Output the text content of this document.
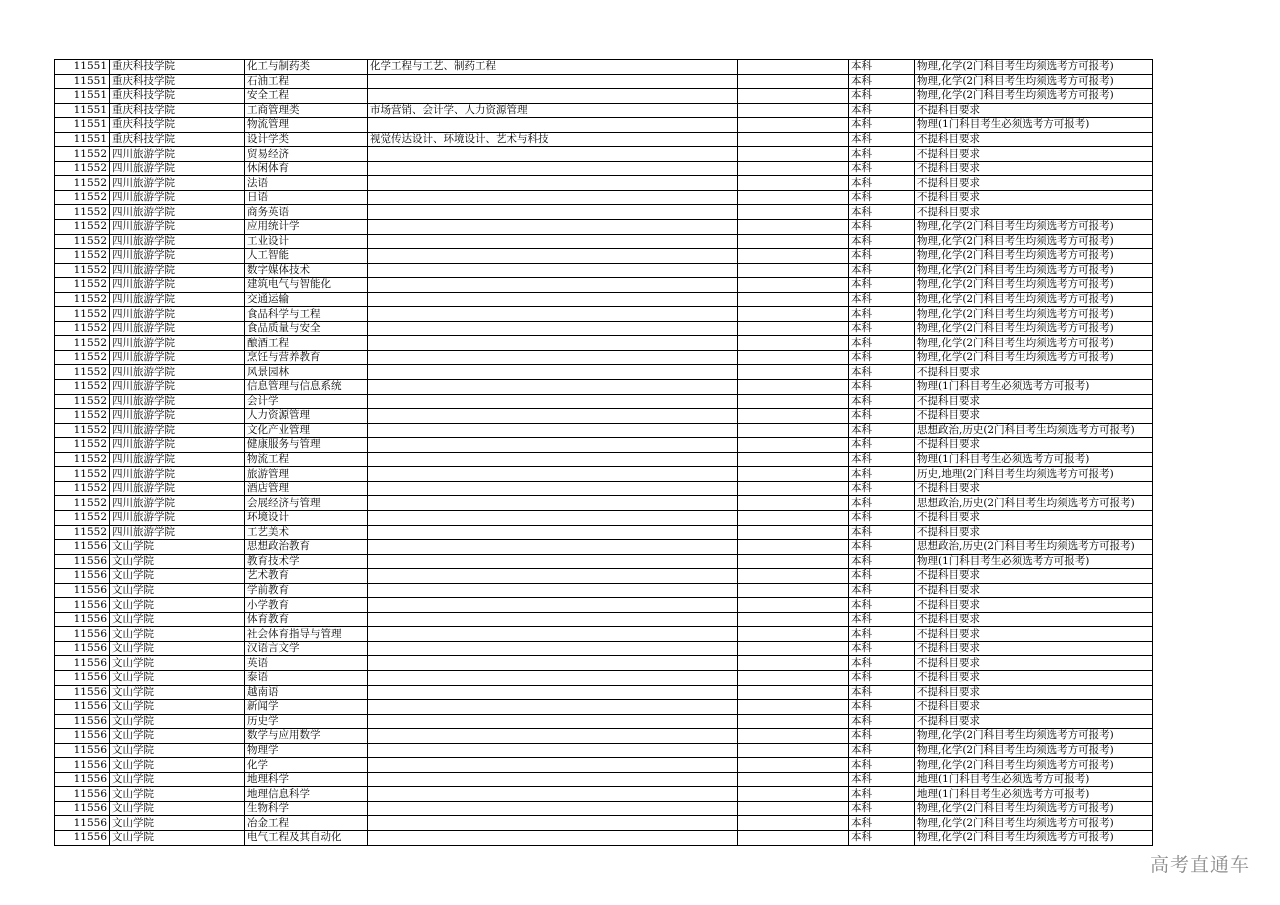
11551	重庆科技学院	化工与制药类	化学工程与工艺、制药工程		本科	物理,化学(2门科目考生均须选考方可报考)
11551	重庆科技学院	石油工程			本科	物理,化学(2门科目考生均须选考方可报考)
11551	重庆科技学院	安全工程			本科	物理,化学(2门科目考生均须选考方可报考)
11551	重庆科技学院	工商管理类	市场营销、会计学、人力资源管理		本科	不提科目要求
11551	重庆科技学院	物流管理			本科	物理(1门科目考生必须选考方可报考)
11551	重庆科技学院	设计学类	视觉传达设计、环境设计、艺术与科技		本科	不提科目要求
11552	四川旅游学院	贸易经济			本科	不提科目要求
11552	四川旅游学院	休闲体育			本科	不提科目要求
11552	四川旅游学院	法语			本科	不提科目要求
11552	四川旅游学院	日语			本科	不提科目要求
11552	四川旅游学院	商务英语			本科	不提科目要求
11552	四川旅游学院	应用统计学			本科	物理,化学(2门科目考生均须选考方可报考)
11552	四川旅游学院	工业设计			本科	物理,化学(2门科目考生均须选考方可报考)
11552	四川旅游学院	人工智能			本科	物理,化学(2门科目考生均须选考方可报考)
11552	四川旅游学院	数字媒体技术			本科	物理,化学(2门科目考生均须选考方可报考)
11552	四川旅游学院	建筑电气与智能化			本科	物理,化学(2门科目考生均须选考方可报考)
11552	四川旅游学院	交通运输			本科	物理,化学(2门科目考生均须选考方可报考)
11552	四川旅游学院	食品科学与工程			本科	物理,化学(2门科目考生均须选考方可报考)
11552	四川旅游学院	食品质量与安全			本科	物理,化学(2门科目考生均须选考方可报考)
11552	四川旅游学院	酿酒工程			本科	物理,化学(2门科目考生均须选考方可报考)
11552	四川旅游学院	烹饪与营养教育			本科	物理,化学(2门科目考生均须选考方可报考)
11552	四川旅游学院	风景园林			本科	不提科目要求
11552	四川旅游学院	信息管理与信息系统			本科	物理(1门科目考生必须选考方可报考)
11552	四川旅游学院	会计学			本科	不提科目要求
11552	四川旅游学院	人力资源管理			本科	不提科目要求
11552	四川旅游学院	文化产业管理			本科	思想政治,历史(2门科目考生均须选考方可报考)
11552	四川旅游学院	健康服务与管理			本科	不提科目要求
11552	四川旅游学院	物流工程			本科	物理(1门科目考生必须选考方可报考)
11552	四川旅游学院	旅游管理			本科	历史,地理(2门科目考生均须选考方可报考)
11552	四川旅游学院	酒店管理			本科	不提科目要求
11552	四川旅游学院	会展经济与管理			本科	思想政治,历史(2门科目考生均须选考方可报考)
11552	四川旅游学院	环境设计			本科	不提科目要求
11552	四川旅游学院	工艺美术			本科	不提科目要求
11556	文山学院	思想政治教育			本科	思想政治,历史(2门科目考生均须选考方可报考)
11556	文山学院	教育技术学			本科	物理(1门科目考生必须选考方可报考)
11556	文山学院	艺术教育			本科	不提科目要求
11556	文山学院	学前教育			本科	不提科目要求
11556	文山学院	小学教育			本科	不提科目要求
11556	文山学院	体育教育			本科	不提科目要求
11556	文山学院	社会体育指导与管理			本科	不提科目要求
11556	文山学院	汉语言文学			本科	不提科目要求
11556	文山学院	英语			本科	不提科目要求
11556	文山学院	泰语			本科	不提科目要求
11556	文山学院	越南语			本科	不提科目要求
11556	文山学院	新闻学			本科	不提科目要求
11556	文山学院	历史学			本科	不提科目要求
11556	文山学院	数学与应用数学			本科	物理,化学(2门科目考生均须选考方可报考)
11556	文山学院	物理学			本科	物理,化学(2门科目考生均须选考方可报考)
11556	文山学院	化学			本科	物理,化学(2门科目考生均须选考方可报考)
11556	文山学院	地理科学			本科	地理(1门科目考生必须选考方可报考)
11556	文山学院	地理信息科学			本科	地理(1门科目考生必须选考方可报考)
11556	文山学院	生物科学			本科	物理,化学(2门科目考生均须选考方可报考)
11556	文山学院	冶金工程			本科	物理,化学(2门科目考生均须选考方可报考)
11556	文山学院	电气工程及其自动化			本科	物理,化学(2门科目考生均须选考方可报考)
高考直通车
